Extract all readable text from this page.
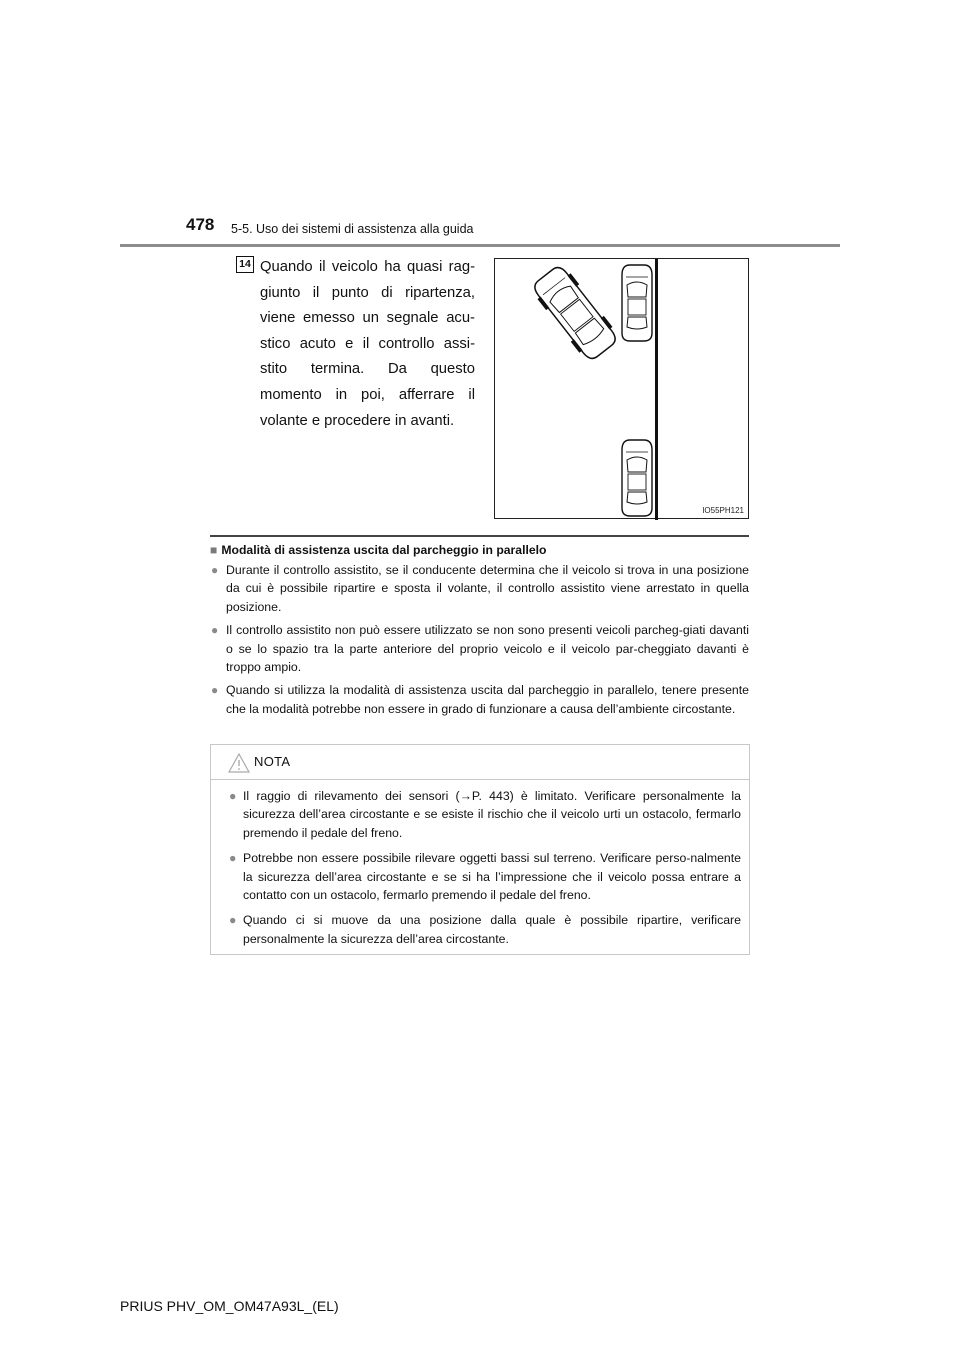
478 5-5. Uso dei sistemi di assistenza alla guida
14 Quando il veicolo ha quasi rag-giunto il punto di ripartenza, viene emesso un segnale acu-stico acuto e il controllo assi-stito termina. Da questo momento in poi, afferrare il volante e procedere in avanti.

IO55PH121
■ Modalità di assistenza uscita dal parcheggio in parallelo
● Durante il controllo assistito, se il conducente determina che il veicolo si trova in una posizione da cui è possibile ripartire e sposta il volante, il controllo assistito viene arrestato in quella posizione.
● Il controllo assistito non può essere utilizzato se non sono presenti veicoli parcheg-giati davanti o se lo spazio tra la parte anteriore del proprio veicolo e il veicolo par-cheggiato davanti è troppo ampio.
● Quando si utilizza la modalità di assistenza uscita dal parcheggio in parallelo, tenere presente che la modalità potrebbe non essere in grado di funzionare a causa dell’ambiente circostante.
NOTA
● Il raggio di rilevamento dei sensori (→P. 443) è limitato. Verificare personalmente la sicurezza dell’area circostante e se esiste il rischio che il veicolo urti un ostacolo, fermarlo premendo il pedale del freno.
● Potrebbe non essere possibile rilevare oggetti bassi sul terreno. Verificare perso-nalmente la sicurezza dell’area circostante e se si ha l’impressione che il veicolo possa entrare a contatto con un ostacolo, fermarlo premendo il pedale del freno.
● Quando ci si muove da una posizione dalla quale è possibile ripartire, verificare personalmente la sicurezza dell’area circostante.
PRIUS PHV_OM_OM47A93L_(EL)
